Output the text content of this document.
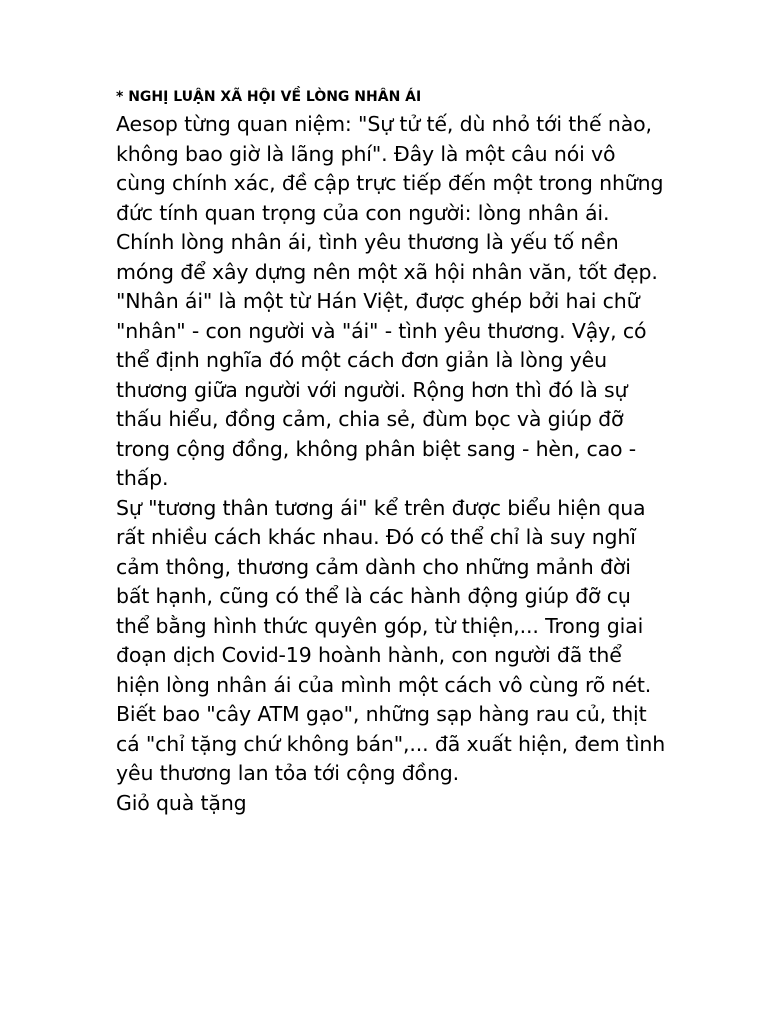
* NGHỊ LUẬN XÃ HỘI VỀ LÒNG NHÂN ÁI

Aesop từng quan niệm: "Sự tử tế, dù nhỏ tới thế nào, không bao giờ là lãng phí". Đây là một câu nói vô cùng chính xác, đề cập trực tiếp đến một trong những đức tính quan trọng của con người: lòng nhân ái. Chính lòng nhân ái, tình yêu thương là yếu tố nền móng để xây dựng nên một xã hội nhân văn, tốt đẹp.

"Nhân ái" là một từ Hán Việt, được ghép bởi hai chữ "nhân" - con người và "ái" - tình yêu thương. Vậy, có thể định nghĩa đó một cách đơn giản là lòng yêu thương giữa người với người. Rộng hơn thì đó là sự thấu hiểu, đồng cảm, chia sẻ, đùm bọc và giúp đỡ trong cộng đồng, không phân biệt sang - hèn, cao - thấp.

Sự "tương thân tương ái" kể trên được biểu hiện qua rất nhiều cách khác nhau. Đó có thể chỉ là suy nghĩ cảm thông, thương cảm dành cho những mảnh đời bất hạnh, cũng có thể là các hành động giúp đỡ cụ thể bằng hình thức quyên góp, từ thiện,... Trong giai đoạn dịch Covid-19 hoành hành, con người đã thể hiện lòng nhân ái của mình một cách vô cùng rõ nét. Biết bao "cây ATM gạo", những sạp hàng rau củ, thịt cá "chỉ tặng chứ không bán",... đã xuất hiện, đem tình yêu thương lan tỏa tới cộng đồng.

Giỏ quà tặng
